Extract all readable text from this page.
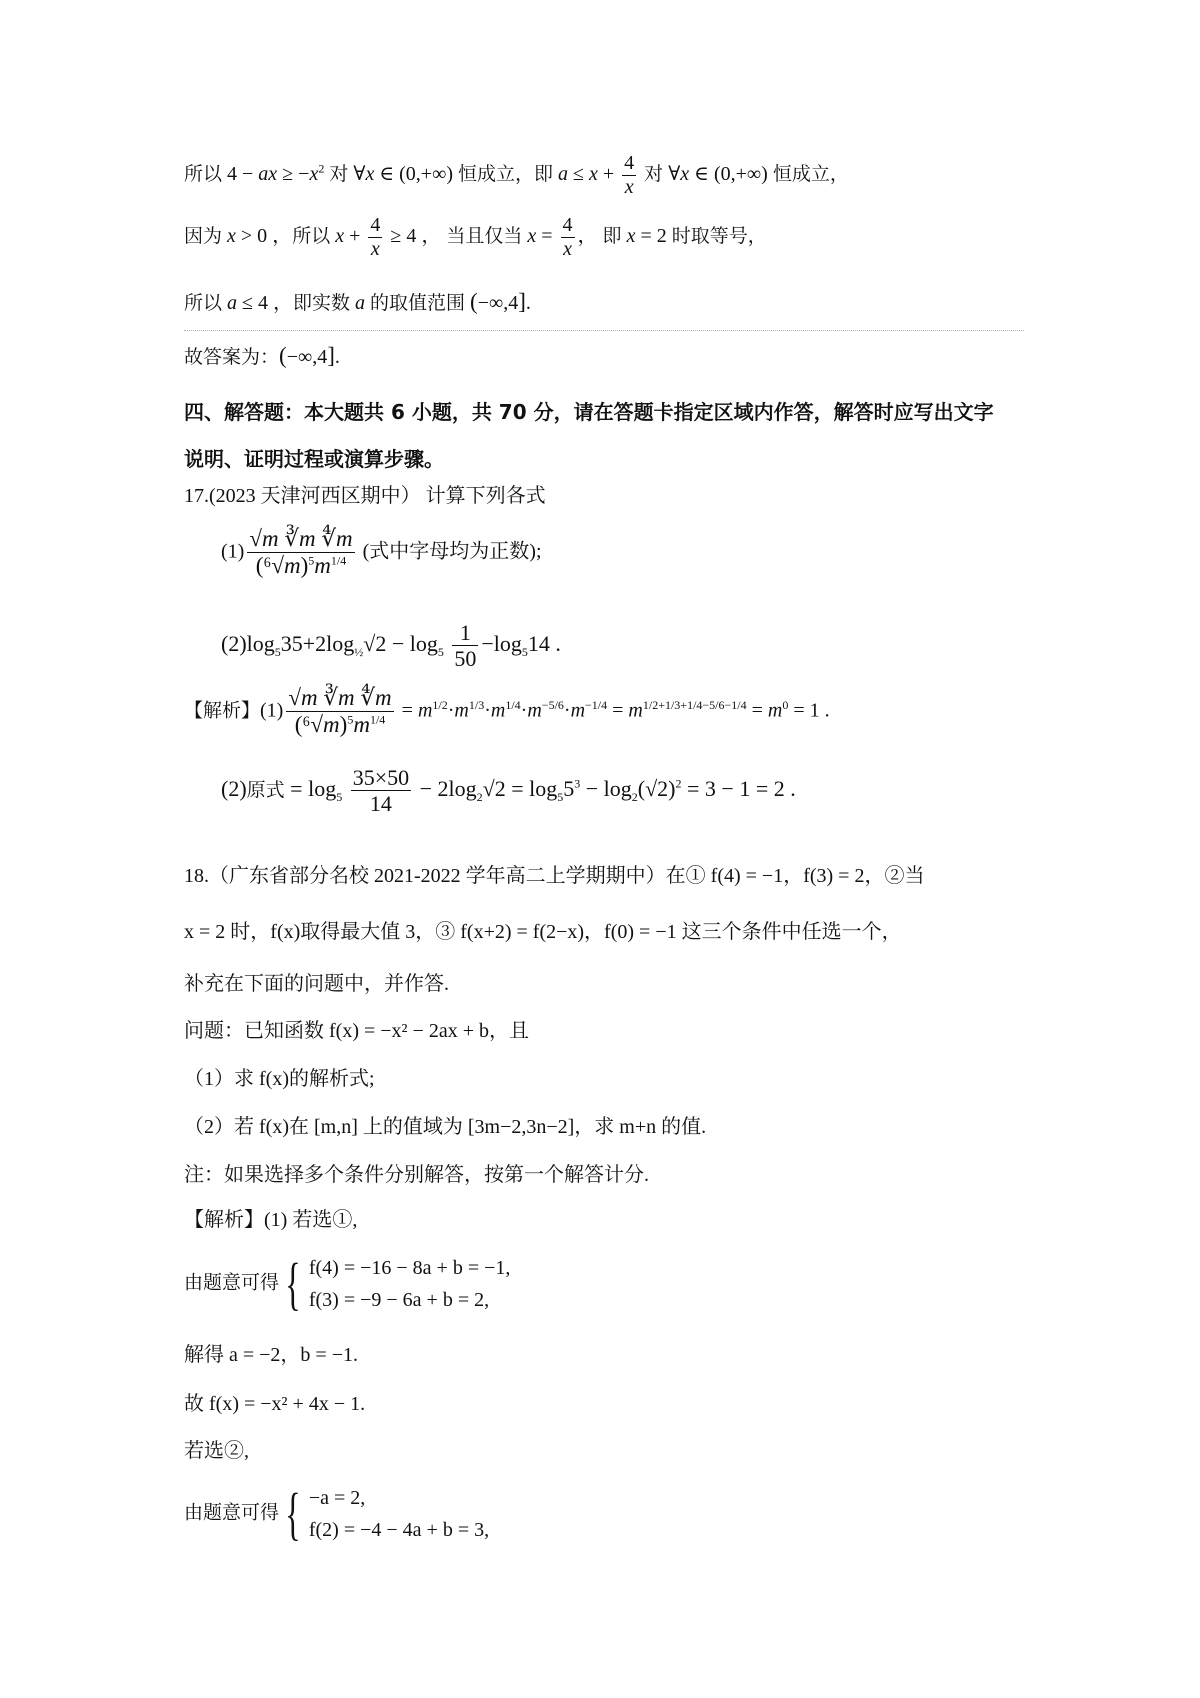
所以 4 − ax ≥ $-x^2$ 对 ∀x ∈ (0,+∞) 恒成立，即 $a \le x + \frac{4}{x}$ 对 ∀x ∈ (0,+∞) 恒成立，
因为 x > 0 ，所以 $x + \frac{4}{x} \ge 4$ ， 当且仅当 $x = \frac{4}{x}$ ， 即 x = 2 时取等号，
所以 a ≤ 4 ，即实数 a 的取值范围 (−∞,4].
故答案为：(−∞,4].
四、解答题：本大题共 6 小题，共 70 分，请在答题卡指定区域内作答，解答时应写出文字
说明、证明过程或演算步骤。
17.(2023 天津河西区期中） 计算下列各式
$(1) \frac{√m ∛m ∜m}{(^6√m)^5m^{1/4}}$ (式中字母均为正数);
$(2)\log_535+2\log_{\frac{1}{2}}√2 - \log_5 \frac{1}{50} -\log_514$ .
【解析】$(1) \frac{√m ∛m ∜m}{(^6√m)^5m^{1/4}} = m^{1/2}\cdot m^{1/3}\cdot m^{1/4}\cdot m^{-5/6}\cdot m^{-1/4} = m^{1/2+1/3+1/4-5/6-1/4} = m^0 = 1$ .
(2)原式 = $\log_5 \frac{35\times 50}{14} - 2\log_2√2 = \log_55^3 - \log_2(√2)^2 = 3 - 1 = 2$ .
18.（广东省部分名校 2021-2022 学年高二上学期期中）在① f(4) = −1，f(3) = 2，②当
x = 2 时，f(x)取得最大值 3，③ f(x+2) = f(2−x)，f(0) = −1 这三个条件中任选一个，
补充在下面的问题中，并作答.
问题：已知函数 f(x) = −x² − 2ax + b，且
（1）求 f(x)的解析式;
（2）若 f(x)在 [m,n] 上的值域为 [3m−2,3n−2]，求 m+n 的值.
注：如果选择多个条件分别解答，按第一个解答计分.
【解析】(1) 若选①,
由题意可得 { f(4) = −16 − 8a + b = −1,
f(3) = −9 − 6a + b = 2,
解得 a = −2，b = −1.
故 f(x) = −x² + 4x − 1.
若选②,
由题意可得 { −a = 2,
f(2) = −4 − 4a + b = 3,
